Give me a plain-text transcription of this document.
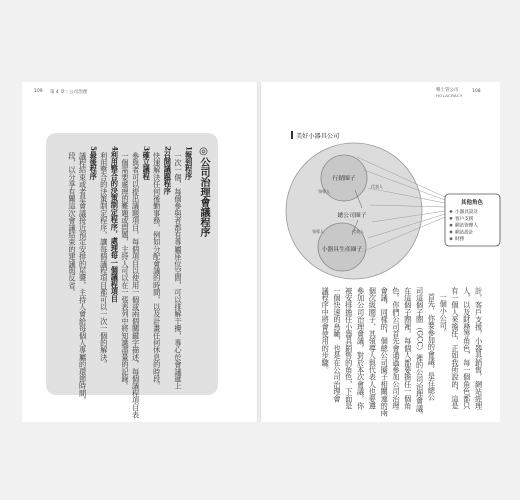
109 第 4 章｜公司治理	樂土管公司
HOLACRACY
108
◎公司治理會議程序
1報到程序
一次一個，每個參與者都有專屬座位空間，可以排解干擾，專心於會議遞上
2召開議題程序
快速解決任何後勤事務，例如分配會議的時間，以及計畫任何休息的時段。
3確立議程
參與者可以提出議題項目，每個項目以使用一個或兩個關鍵字描述，每個議程項目表
一個需要處理的難題或問題，主持人可以在一張表列中將知識盡量的記錄。
4利用整合的決策制定程序，處理每一個議程項目
利用整合的決策制定程序，讓每個議程項目都可以一次一個的解決。
5最後程序
議程結束或者是會議接近預定安排的尾聲，主持人會給每個人專屬的環節時間，
段，以分享有關這次會議結束的建議與反省。
美好小器具公司
其他角色
小器具設計
客戶支援
網站管理人
網站設計
財務
行銷圈子
總公司圈子
小器具生產圈子
代表人
領導人
代表人
領導人
計，客戶支援，小器具銷售，網站經理
人，以及財務等角色，每一個角色都只
有一個人來擔任，正如我所說的，這是
一個小公司。
首先，你要參加的會議，是在總公
司這個子圈（GCC）裡的公司治理會議。
在這個子圈裡，每個人都要擔任一個角
色。你們公司首先會通過參加公司治理
會議，同樣的，個總公司圈子相關連的兩
個次級圈子，其領導人與代表人也要遵
參加公司治理會議，對於本次會議，你
被安排擔任小器具銷售的角色，下面是
一個快速的鳥瞰，也是在公司治理會
議程序中將會使用的步驟。
